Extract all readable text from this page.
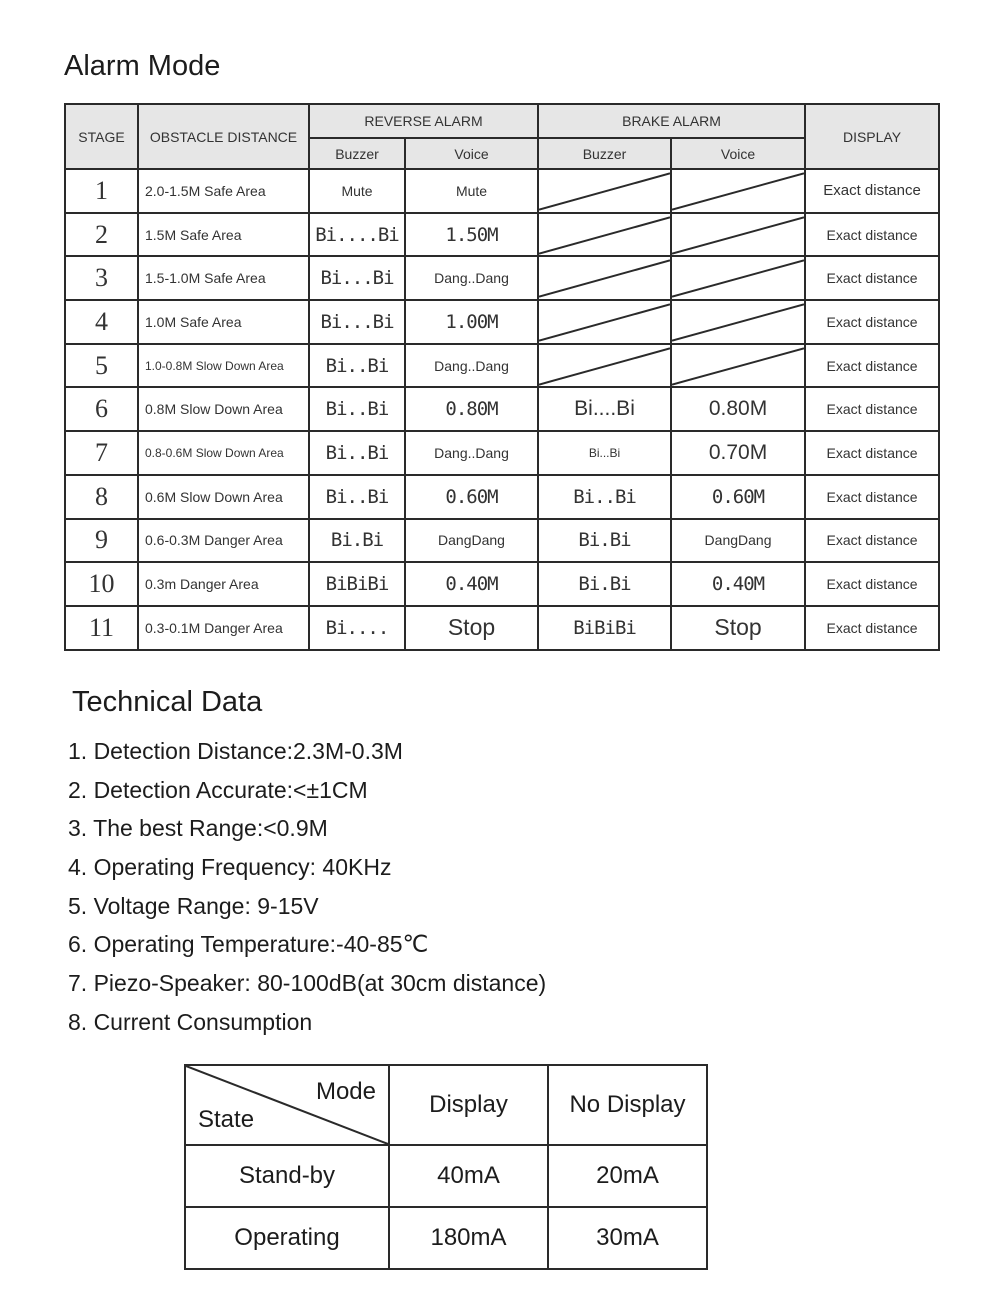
Alarm Mode
STAGE	OBSTACLE DISTANCE	REVERSE ALARM		BRAKE ALARM		DISPLAY
		Buzzer	Voice	Buzzer	Voice	
1	2.0-1.5M Safe Area	Mute	Mute			Exact distance
2	1.5M Safe Area	Bi....Bi	1.50M			Exact distance
3	1.5-1.0M Safe Area	Bi...Bi	Dang..Dang			Exact distance
4	1.0M Safe Area	Bi...Bi	1.00M			Exact distance
5	1.0-0.8M Slow Down Area	Bi..Bi	Dang..Dang			Exact distance
6	0.8M Slow Down Area	Bi..Bi	0.80M	Bi....Bi	0.80M	Exact distance
7	0.8-0.6M Slow Down Area	Bi..Bi	Dang..Dang	Bi...Bi	0.70M	Exact distance
8	0.6M Slow Down Area	Bi..Bi	0.60M	Bi..Bi	0.60M	Exact distance
9	0.6-0.3M Danger Area	Bi.Bi	DangDang	Bi.Bi	DangDang	Exact distance
10	0.3m Danger Area	BiBiBi	0.40M	Bi.Bi	0.40M	Exact distance
11	0.3-0.1M Danger Area	Bi....	Stop	BiBiBi	Stop	Exact distance
Technical Data
1. Detection Distance:2.3M-0.3M
2. Detection Accurate:<±1CM
3. The best Range:<0.9M
4. Operating Frequency: 40KHz
5. Voltage Range: 9-15V
6. Operating Temperature:-40-85℃
7. Piezo-Speaker: 80-100dB(at 30cm distance)
8. Current Consumption
Mode
State	Display	No Display
Stand-by	40mA	20mA
Operating	180mA	30mA
